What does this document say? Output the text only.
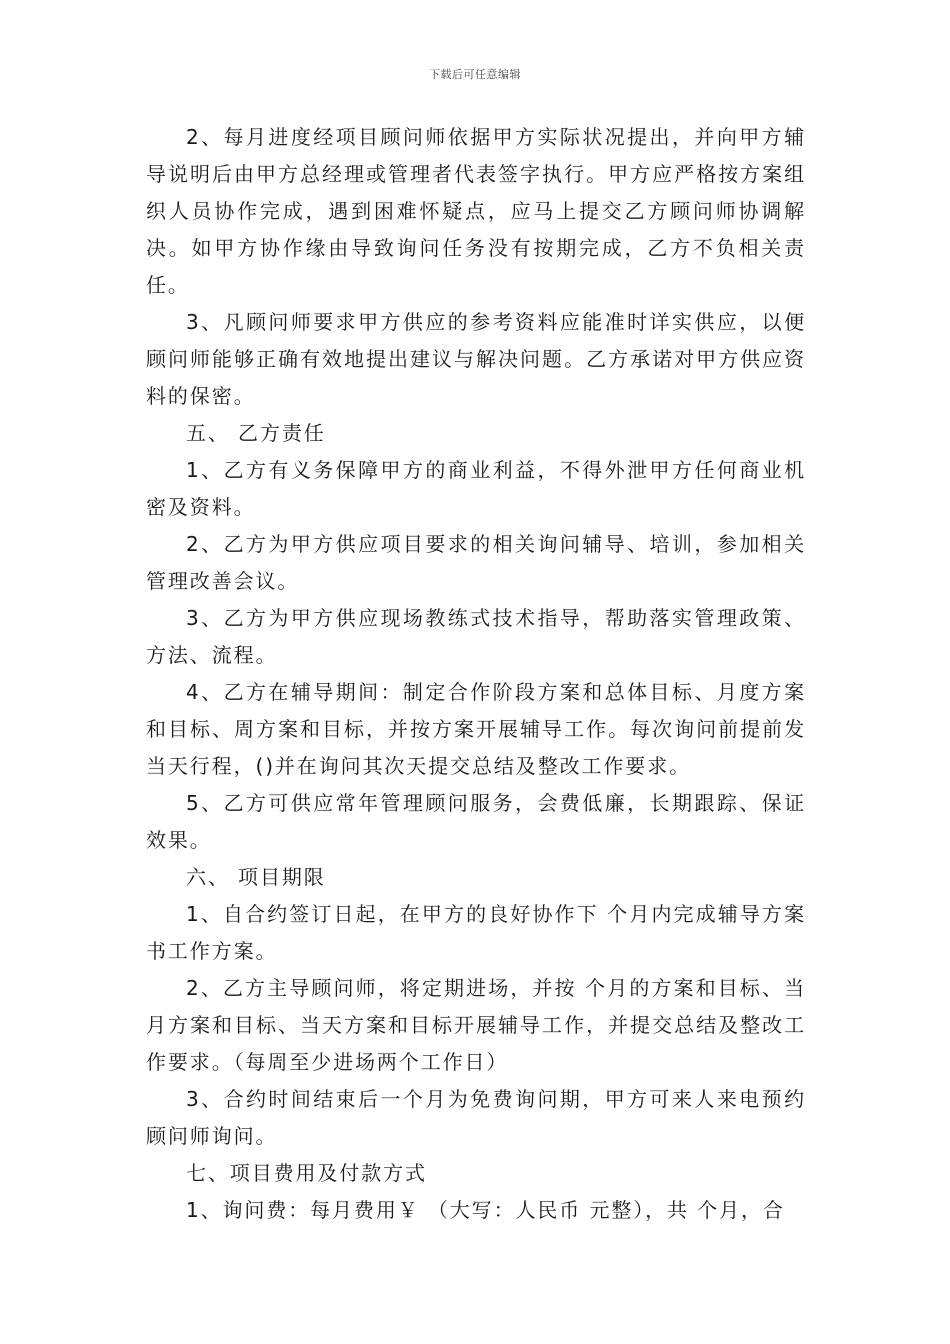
下载后可任意编辑

2、每月进度经项目顾问师依据甲方实际状况提出，并向甲方辅导说明后由甲方总经理或管理者代表签字执行。甲方应严格按方案组织人员协作完成，遇到困难怀疑点，应马上提交乙方顾问师协调解决。如甲方协作缘由导致询问任务没有按期完成，乙方不负相关责任。

3、凡顾问师要求甲方供应的参考资料应能准时详实供应，以便顾问师能够正确有效地提出建议与解决问题。乙方承诺对甲方供应资料的保密。

五、 乙方责任

1、乙方有义务保障甲方的商业利益，不得外泄甲方任何商业机密及资料。

2、乙方为甲方供应项目要求的相关询问辅导、培训，参加相关管理改善会议。

3、乙方为甲方供应现场教练式技术指导，帮助落实管理政策、方法、流程。

4、乙方在辅导期间：制定合作阶段方案和总体目标、月度方案和目标、周方案和目标，并按方案开展辅导工作。每次询问前提前发当天行程，()并在询问其次天提交总结及整改工作要求。

5、乙方可供应常年管理顾问服务，会费低廉，长期跟踪、保证效果。

六、 项目期限

1、自合约签订日起，在甲方的良好协作下 个月内完成辅导方案书工作方案。

2、乙方主导顾问师，将定期进场，并按 个月的方案和目标、当月方案和目标、当天方案和目标开展辅导工作，并提交总结及整改工作要求。（每周至少进场两个工作日）

3、合约时间结束后一个月为免费询问期，甲方可来人来电预约顾问师询问。

七、项目费用及付款方式

1、询问费：每月费用￥ （大写：人民币 元整），共 个月，合
